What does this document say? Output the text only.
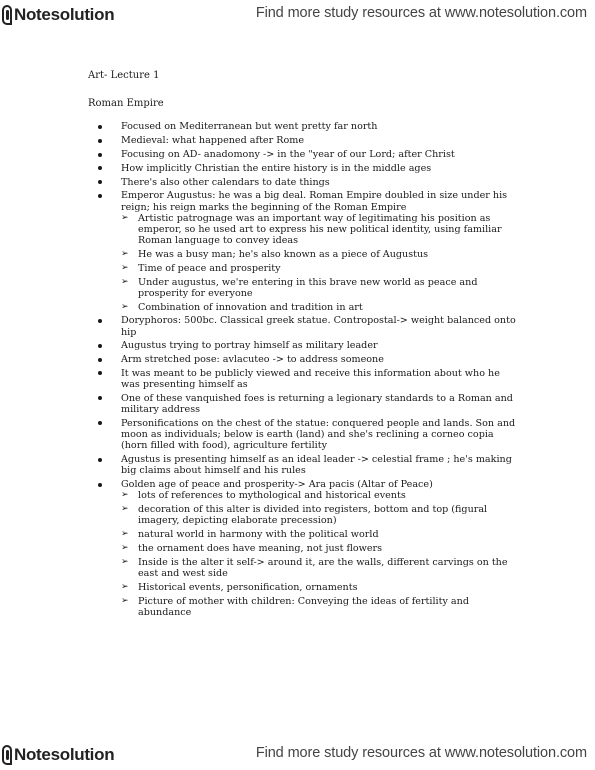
Notesolution	Find more study resources at www.notesolution.com
Art- Lecture 1
Roman Empire
Focused on Mediterranean but went pretty far north
Medieval: what happened after Rome
Focusing on AD- anadomony -> in the "year of our Lord; after Christ
How implicitly Christian the entire history is in the middle ages
There's also other calendars to date things
Emperor Augustus: he was a big deal. Roman Empire doubled in size under his reign; his reign marks the beginning of the Roman Empire
➢ Artistic patrognage was an important way of legitimating his position as emperor, so he used art to express his new political identity, using familiar Roman language to convey ideas
➢ He was a busy man; he's also known as a piece of Augustus
➢ Time of peace and prosperity
➢ Under augustus, we're entering in this brave new world as peace and prosperity for everyone
➢ Combination of innovation and tradition in art
Doryphoros: 500bc. Classical greek statue. Contropostal-> weight balanced onto hip
Augustus trying to portray himself as military leader
Arm stretched pose: avlacuteo -> to address someone
It was meant to be publicly viewed and receive this information about who he was presenting himself as
One of these vanquished foes is returning a legionary standards to a Roman and military address
Personifications on the chest of the statue: conquered people and lands. Son and moon as individuals; below is earth (land) and she's reclining a corneo copia (horn filled with food), agriculture fertility
Agustus is presenting himself as an ideal leader -> celestial frame ; he's making big claims about himself and his rules
Golden age of peace and prosperity-> Ara pacis (Altar of Peace)
➢ lots of references to mythological and historical events
➢ decoration of this alter is divided into registers, bottom and top (figural imagery, depicting elaborate precession)
➢ natural world in harmony with the political world
➢ the ornament does have meaning, not just flowers
➢ Inside is the alter it self-> around it, are the walls, different carvings on the east and west side
➢ Historical events, personification, ornaments
➢ Picture of mother with children: Conveying the ideas of fertility and abundance
Notesolution	Find more study resources at www.notesolution.com
